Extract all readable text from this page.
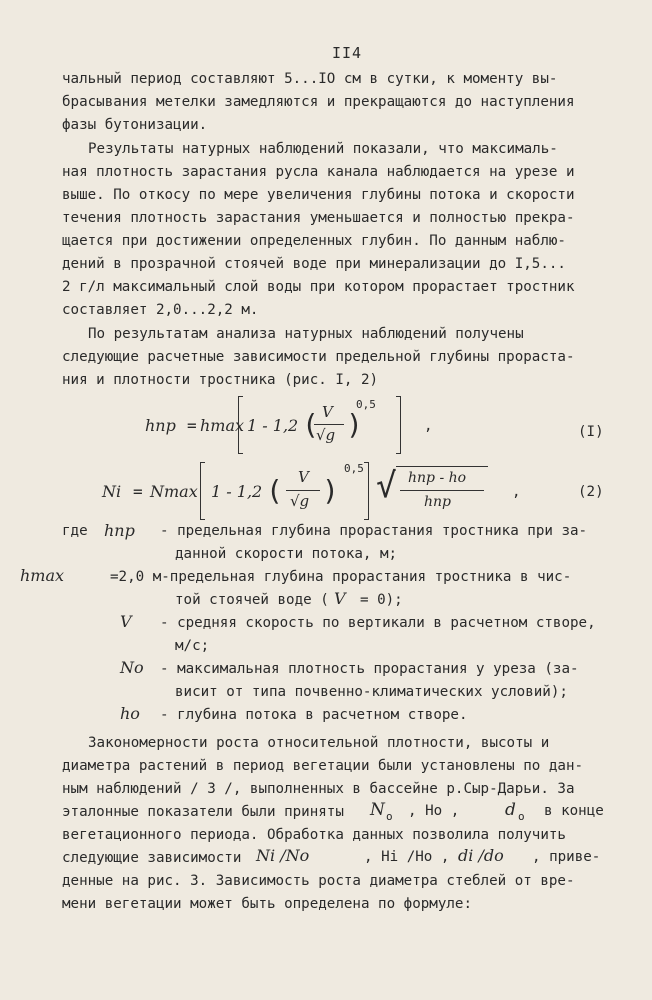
II4
чальный период составляют 5...IO см в сутки, к моменту вы-
брасывания метелки замедляются и прекращаются до наступления
фазы бутонизации.
Результаты натурных наблюдений показали, что максималь-
ная плотность зарастания русла канала наблюдается на урезе и
выше. По откосу по мере увеличения глубины потока и скорости
течения плотность зарастания уменьшается и полностью прекра-
щается при достижении определенных глубин. По данным наблю-
дений в прозрачной стоячей воде при минерализации до I,5...
2 г/л максимальный слой воды при котором прорастает тростник
составляет 2,0...2,2 м.
По результатам анализа натурных наблюдений получены
следующие расчетные зависимости предельной глубины прораста-
ния и плотности тростника (рис. I, 2)
hпр = hmax 1 - 1,2 ( V
√g )
0,5
,	(I)
Ni = Nmax 1 - 1,2 ( V
√g )
0,5 √ hпр - ho
hпр
,	(2)
где hпр - предельная глубина прорастания тростника при за-
данной скорости потока, м;
hmax	=2,0 м-предельная глубина прорастания тростника в чис-
той стоячей воде ( V = 0);
V - средняя скорость по вертикали в расчетном створе,
м/с;
No - максимальная плотность прорастания у уреза (за-
висит от типа почвенно-климатических условий);
ho - глубина потока в расчетном створе.
Закономерности роста относительной плотности, высоты и
диаметра растений в период вегетации были установлены по дан-
ным наблюдений / 3 /, выполненных в бассейне р.Сыр-Дарьи. За
эталонные показатели были приняты N o , Ho ,	d o в конце
вегетационного периода. Обработка данных позволила получить
следующие зависимости Ni /No	, Hi /Ho , di /do , приве-
денные на рис. 3. Зависимость роста диаметра стеблей от вре-
мени вегетации может быть определена по формуле:
